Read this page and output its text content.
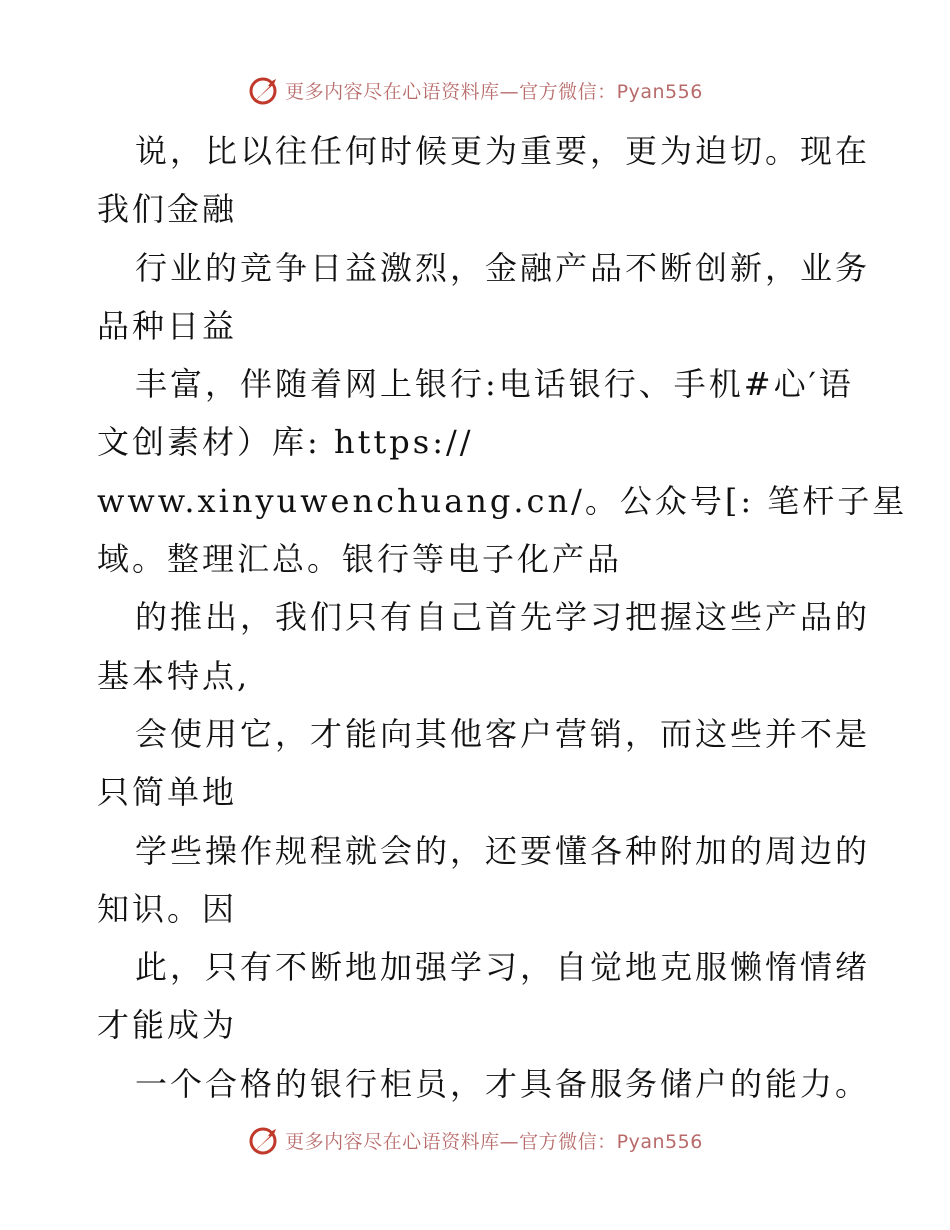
更多内容尽在心语资料库—官方微信：Pyan556
说，比以往任何时候更为重要，更为迫切。现在
我们金融
行业的竞争日益激烈，金融产品不断创新，业务
品种日益
丰富，伴随着网上银行:电话银行、手机#心′语
文创素材）库: https://
www.xinyuwenchuang.cn/。公众号[: 笔杆子星
域。整理汇总。银行等电子化产品
的推出，我们只有自己首先学习把握这些产品的
基本特点,
会使用它，才能向其他客户营销，而这些并不是
只简单地
学些操作规程就会的，还要懂各种附加的周边的
知识。因
此，只有不断地加强学习，自觉地克服懒惰情绪
才能成为
一个合格的银行柜员，才具备服务储户的能力。
更多内容尽在心语资料库—官方微信：Pyan556
